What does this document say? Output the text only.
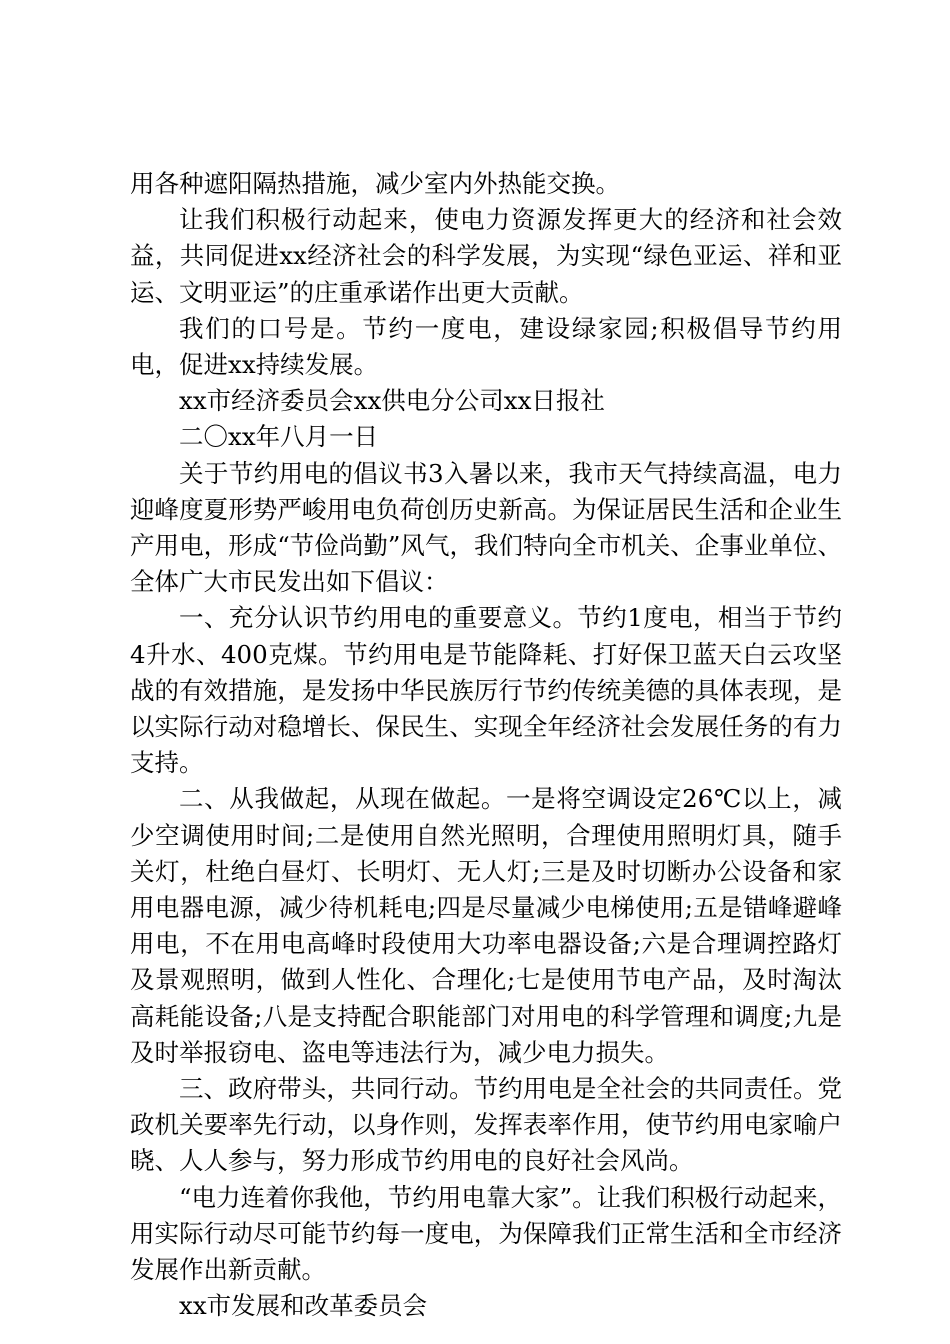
用各种遮阳隔热措施，减少室内外热能交换。

让我们积极行动起来，使电力资源发挥更大的经济和社会效益，共同促进xx经济社会的科学发展，为实现“绿色亚运、祥和亚运、文明亚运”的庄重承诺作出更大贡献。

我们的口号是。节约一度电，建设绿家园;积极倡导节约用电，促进xx持续发展。

xx市经济委员会xx供电分公司xx日报社

二〇xx年八月一日

关于节约用电的倡议书3入暑以来，我市天气持续高温，电力迎峰度夏形势严峻用电负荷创历史新高。为保证居民生活和企业生产用电，形成“节俭尚勤”风气，我们特向全市机关、企事业单位、全体广大市民发出如下倡议：

一、充分认识节约用电的重要意义。节约1度电，相当于节约4升水、400克煤。节约用电是节能降耗、打好保卫蓝天白云攻坚战的有效措施，是发扬中华民族厉行节约传统美德的具体表现，是以实际行动对稳增长、保民生、实现全年经济社会发展任务的有力支持。

二、从我做起，从现在做起。一是将空调设定26℃以上，减少空调使用时间;二是使用自然光照明，合理使用照明灯具，随手关灯，杜绝白昼灯、长明灯、无人灯;三是及时切断办公设备和家用电器电源，减少待机耗电;四是尽量减少电梯使用;五是错峰避峰用电，不在用电高峰时段使用大功率电器设备;六是合理调控路灯及景观照明，做到人性化、合理化;七是使用节电产品，及时淘汰高耗能设备;八是支持配合职能部门对用电的科学管理和调度;九是及时举报窃电、盗电等违法行为，减少电力损失。

三、政府带头，共同行动。节约用电是全社会的共同责任。党政机关要率先行动，以身作则，发挥表率作用，使节约用电家喻户晓、人人参与，努力形成节约用电的良好社会风尚。

“电力连着你我他，节约用电靠大家”。让我们积极行动起来，用实际行动尽可能节约每一度电，为保障我们正常生活和全市经济发展作出新贡献。

xx市发展和改革委员会
